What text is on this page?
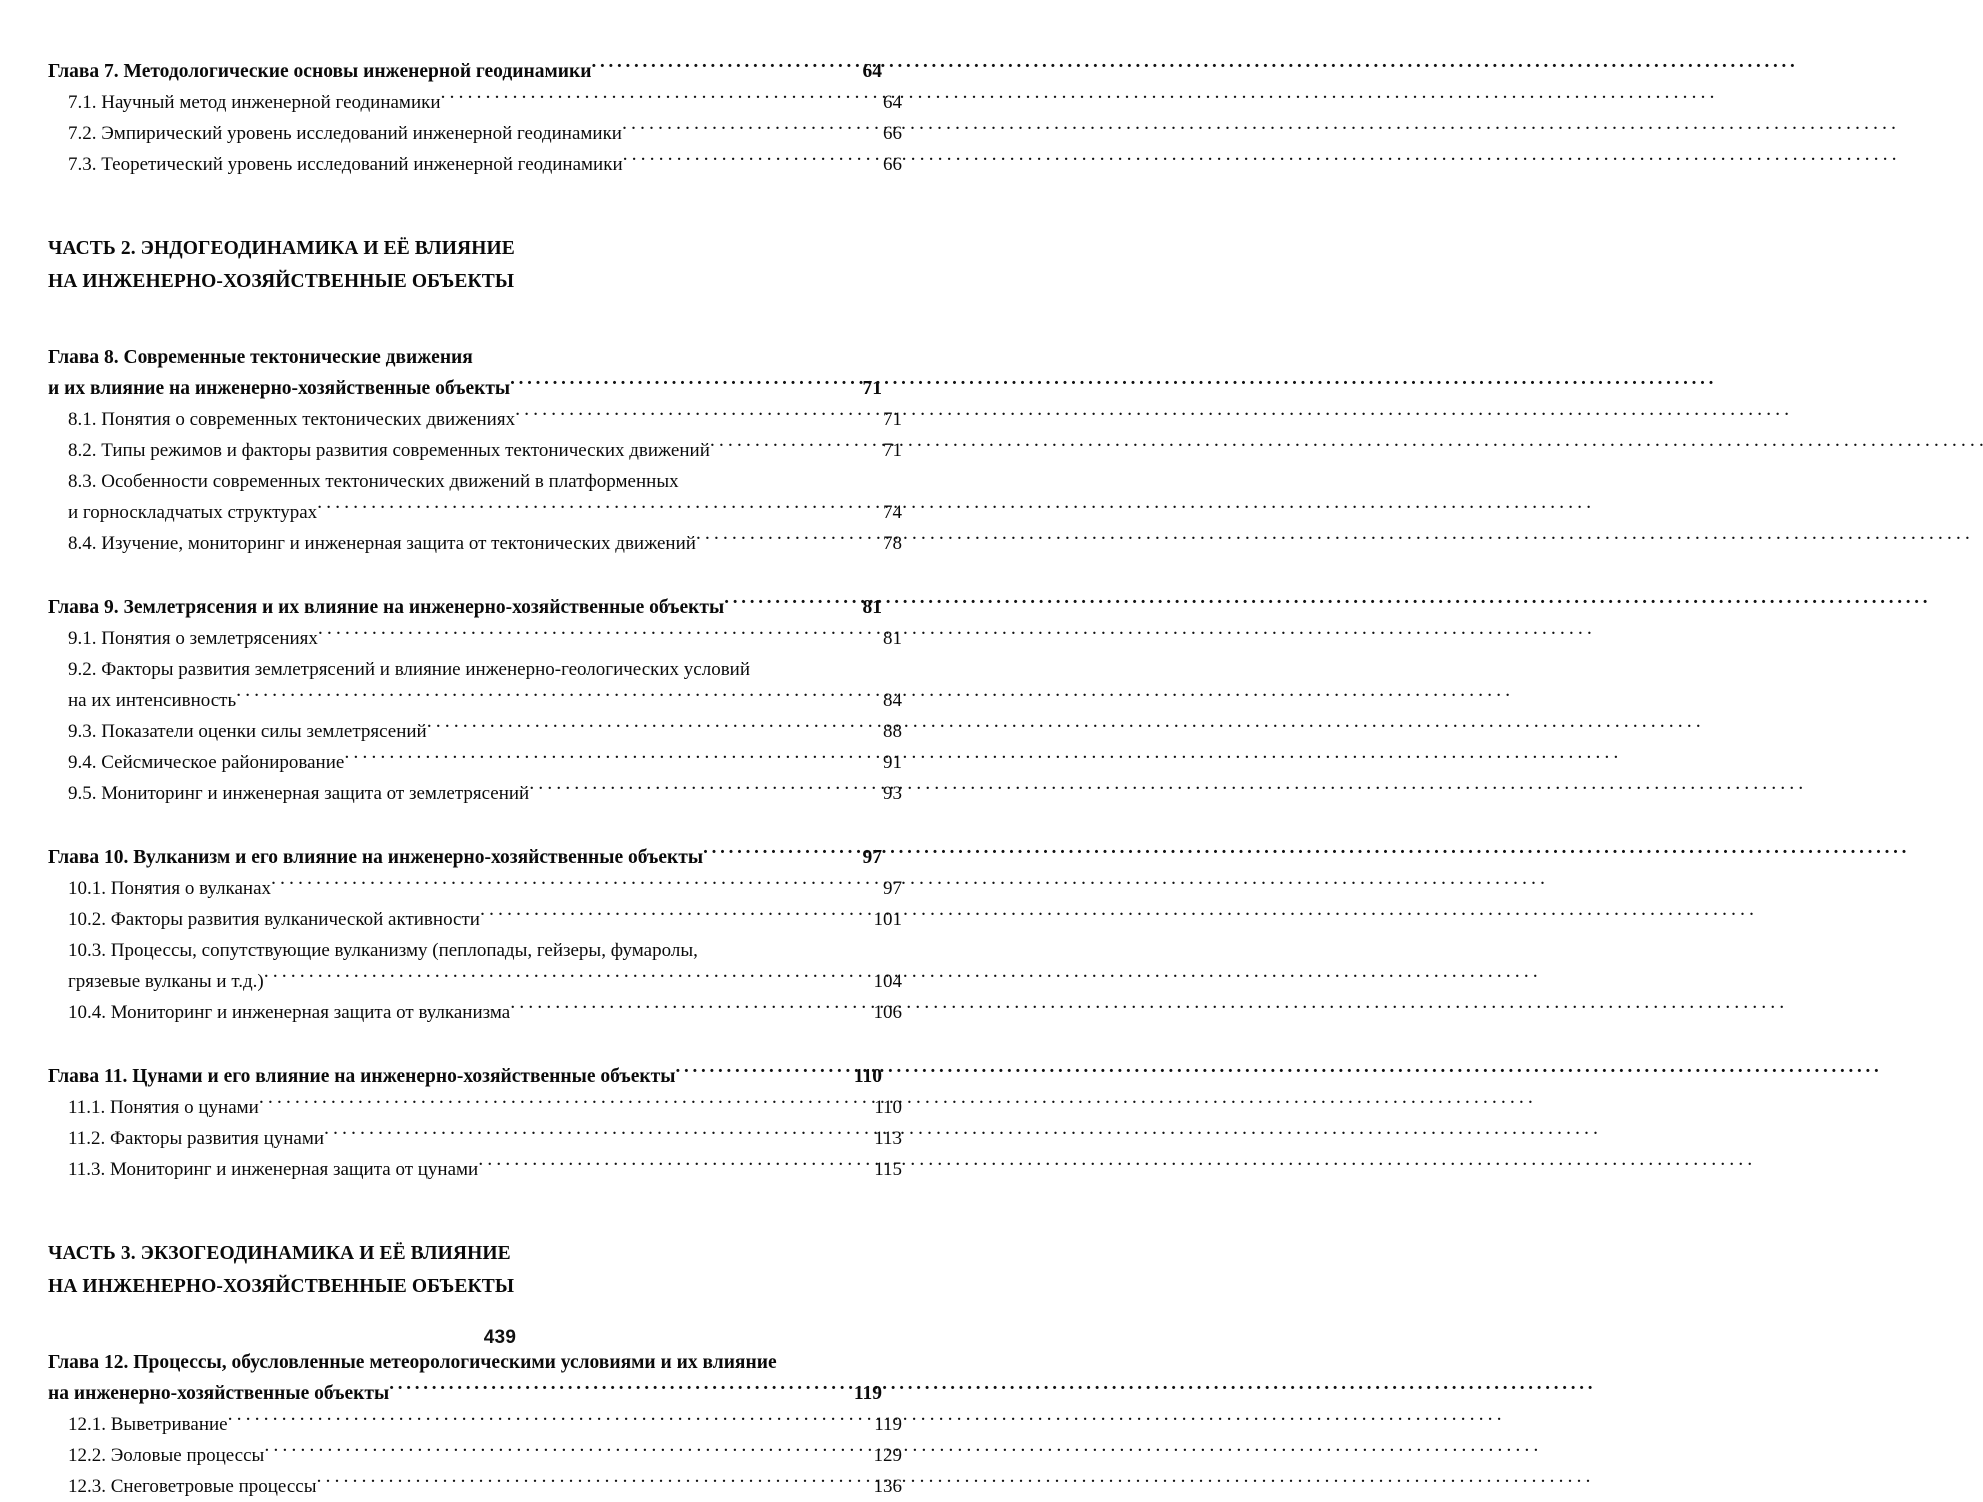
Глава 7. Методологические основы инженерной геодинамики . . .	64
7.1. Научный метод инженерной геодинамики . . .	64
7.2. Эмпирический уровень исследований инженерной геодинамики . . .	66
7.3. Теоретический уровень исследований инженерной геодинамики . . .	66
ЧАСТЬ 2. ЭНДОГЕОДИНАМИКА И ЕЁ ВЛИЯНИЕ
НА ИНЖЕНЕРНО-ХОЗЯЙСТВЕННЫЕ ОБЪЕКТЫ
Глава 8. Современные тектонические движения
и их влияние на инженерно-хозяйственные объекты . . .	71
8.1. Понятия о современных тектонических движениях . . .	71
8.2. Типы режимов и факторы развития современных тектонических движений . . .	71
8.3. Особенности современных тектонических движений в платформенных
и горноскладчатых структурах . . .	74
8.4. Изучение, мониторинг и инженерная защита от тектонических движений . . .	78
Глава 9. Землетрясения и их влияние на инженерно-хозяйственные объекты . . .	81
9.1. Понятия о землетрясениях . . .	81
9.2. Факторы развития землетрясений и влияние инженерно-геологических условий
на их интенсивность . . .	84
9.3. Показатели оценки силы землетрясений . . .	88
9.4. Сейсмическое районирование . . .	91
9.5. Мониторинг и инженерная защита от землетрясений . . .	93
Глава 10. Вулканизм и его влияние на инженерно-хозяйственные объекты . . .	97
10.1. Понятия о вулканах . . .	97
10.2. Факторы развития вулканической активности . . .	101
10.3. Процессы, сопутствующие вулканизму (пеплопады, гейзеры, фумаролы,
грязевые вулканы и т.д.) . . .	104
10.4. Мониторинг и инженерная защита от вулканизма . . .	106
Глава 11. Цунами и его влияние на инженерно-хозяйственные объекты . . .	110
11.1. Понятия о цунами . . .	110
11.2. Факторы развития цунами . . .	113
11.3. Мониторинг и инженерная защита от цунами . . .	115
ЧАСТЬ 3. ЭКЗОГЕОДИНАМИКА И ЕЁ ВЛИЯНИЕ
НА ИНЖЕНЕРНО-ХОЗЯЙСТВЕННЫЕ ОБЪЕКТЫ
Глава 12. Процессы, обусловленные метеорологическими условиями и их влияние
на инженерно-хозяйственные объекты . . .	119
12.1. Выветривание . . .	119
12.2. Эоловые процессы . . .	129
12.3. Снеговетровые процессы . . .	136
439
